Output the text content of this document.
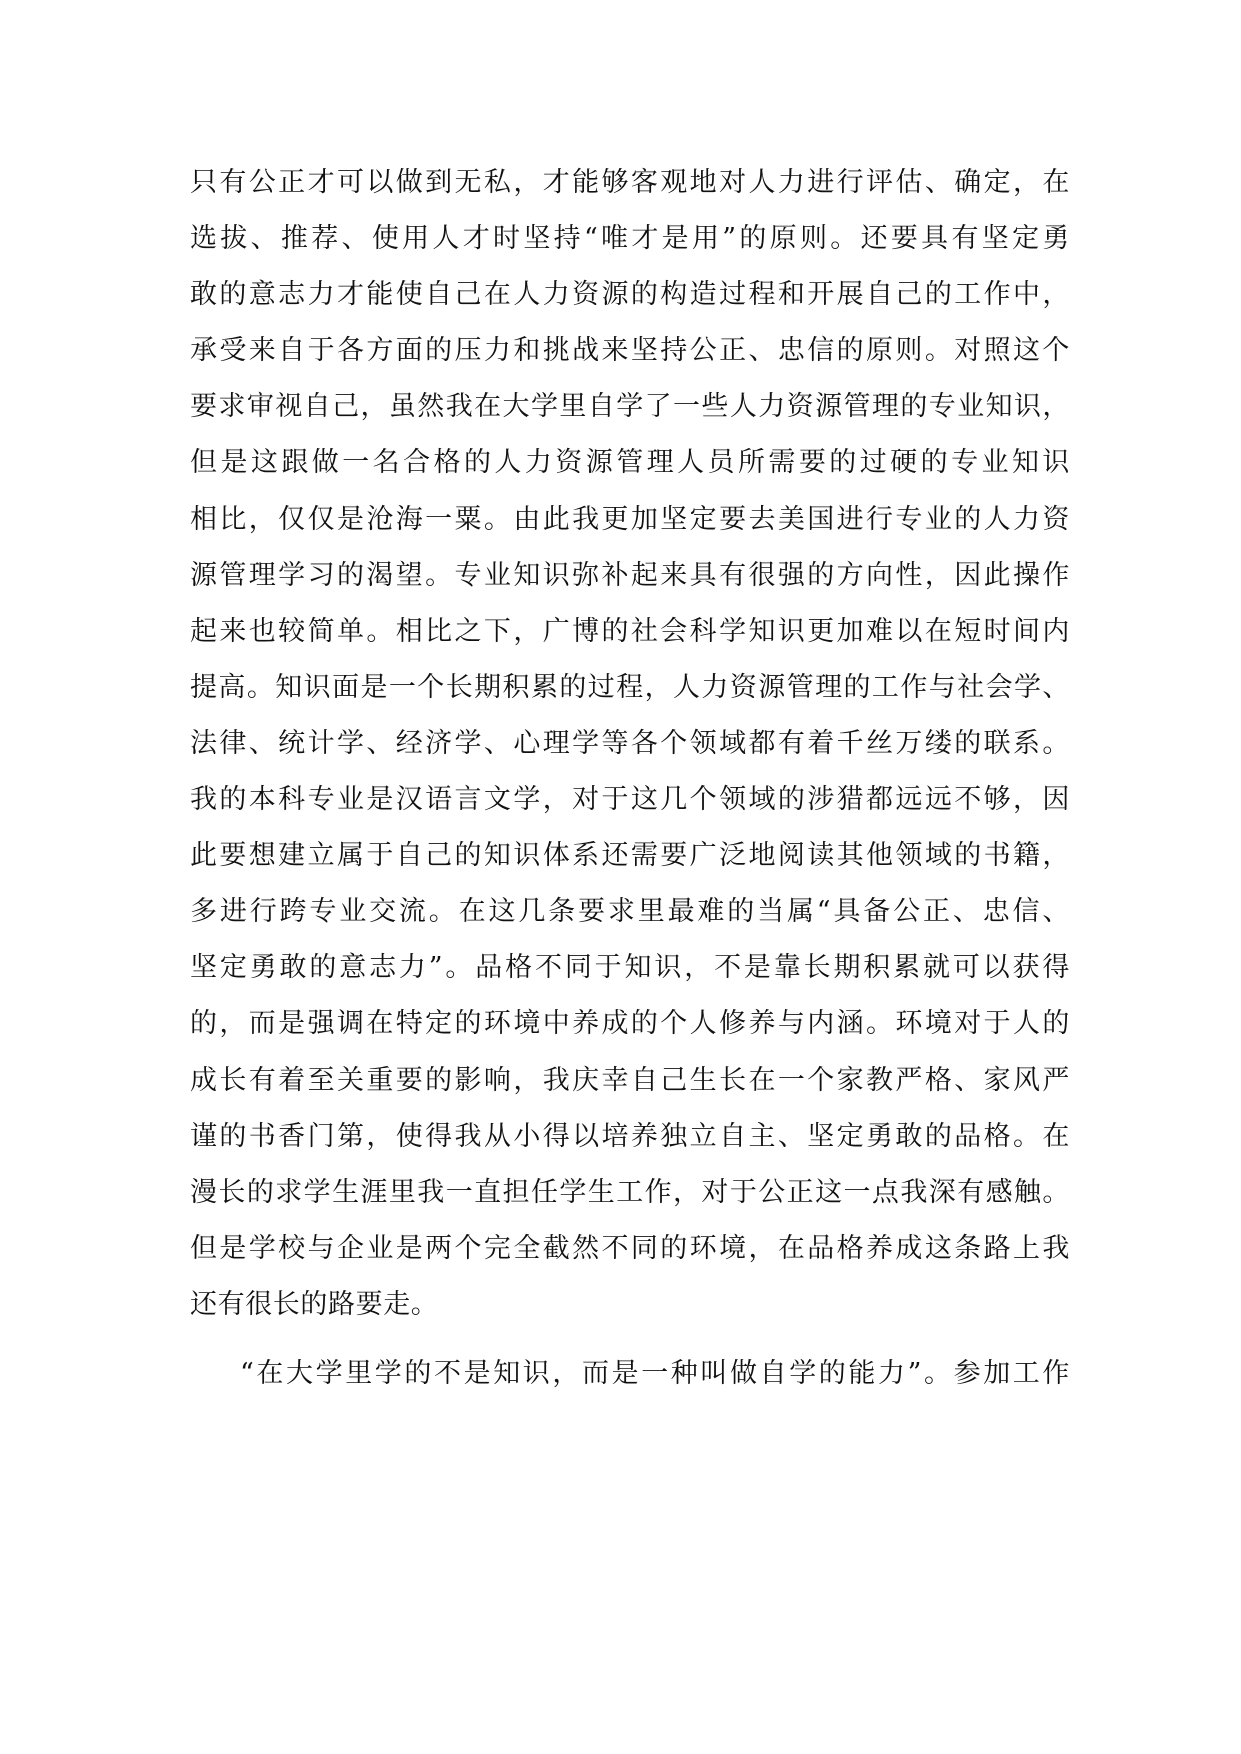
只有公正才可以做到无私，才能够客观地对人力进行评估、确定，在
选拔、推荐、使用人才时坚持“唯才是用”的原则。还要具有坚定勇
敢的意志力才能使自己在人力资源的构造过程和开展自己的工作中，
承受来自于各方面的压力和挑战来坚持公正、忠信的原则。对照这个
要求审视自己，虽然我在大学里自学了一些人力资源管理的专业知识，
但是这跟做一名合格的人力资源管理人员所需要的过硬的专业知识
相比，仅仅是沧海一粟。由此我更加坚定要去美国进行专业的人力资
源管理学习的渴望。专业知识弥补起来具有很强的方向性，因此操作
起来也较简单。相比之下，广博的社会科学知识更加难以在短时间内
提高。知识面是一个长期积累的过程，人力资源管理的工作与社会学、
法律、统计学、经济学、心理学等各个领域都有着千丝万缕的联系。
我的本科专业是汉语言文学，对于这几个领域的涉猎都远远不够，因
此要想建立属于自己的知识体系还需要广泛地阅读其他领域的书籍，
多进行跨专业交流。在这几条要求里最难的当属“具备公正、忠信、
坚定勇敢的意志力”。品格不同于知识，不是靠长期积累就可以获得
的，而是强调在特定的环境中养成的个人修养与内涵。环境对于人的
成长有着至关重要的影响，我庆幸自己生长在一个家教严格、家风严
谨的书香门第，使得我从小得以培养独立自主、坚定勇敢的品格。在
漫长的求学生涯里我一直担任学生工作，对于公正这一点我深有感触。
但是学校与企业是两个完全截然不同的环境，在品格养成这条路上我
还有很长的路要走。
“在大学里学的不是知识，而是一种叫做自学的能力”。参加工作
